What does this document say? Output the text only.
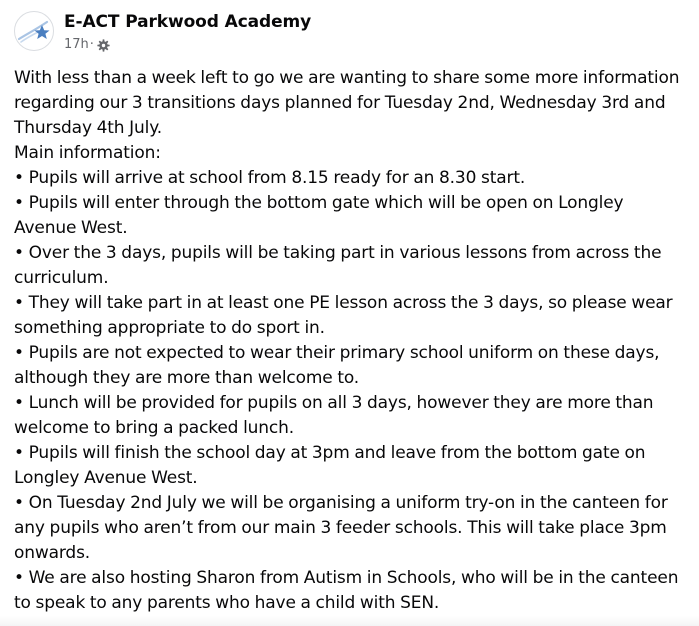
E-ACT Parkwood Academy
17h ·
With less than a week left to go we are wanting to share some more information regarding our 3 transitions days planned for Tuesday 2nd, Wednesday 3rd and Thursday 4th July.
Main information:
• Pupils will arrive at school from 8.15 ready for an 8.30 start.
• Pupils will enter through the bottom gate which will be open on Longley Avenue West.
• Over the 3 days, pupils will be taking part in various lessons from across the curriculum.
• They will take part in at least one PE lesson across the 3 days, so please wear something appropriate to do sport in.
• Pupils are not expected to wear their primary school uniform on these days, although they are more than welcome to.
• Lunch will be provided for pupils on all 3 days, however they are more than welcome to bring a packed lunch.
• Pupils will finish the school day at 3pm and leave from the bottom gate on Longley Avenue West.
• On Tuesday 2nd July we will be organising a uniform try-on in the canteen for any pupils who aren’t from our main 3 feeder schools. This will take place 3pm onwards.
• We are also hosting Sharon from Autism in Schools, who will be in the canteen to speak to any parents who have a child with SEN.
